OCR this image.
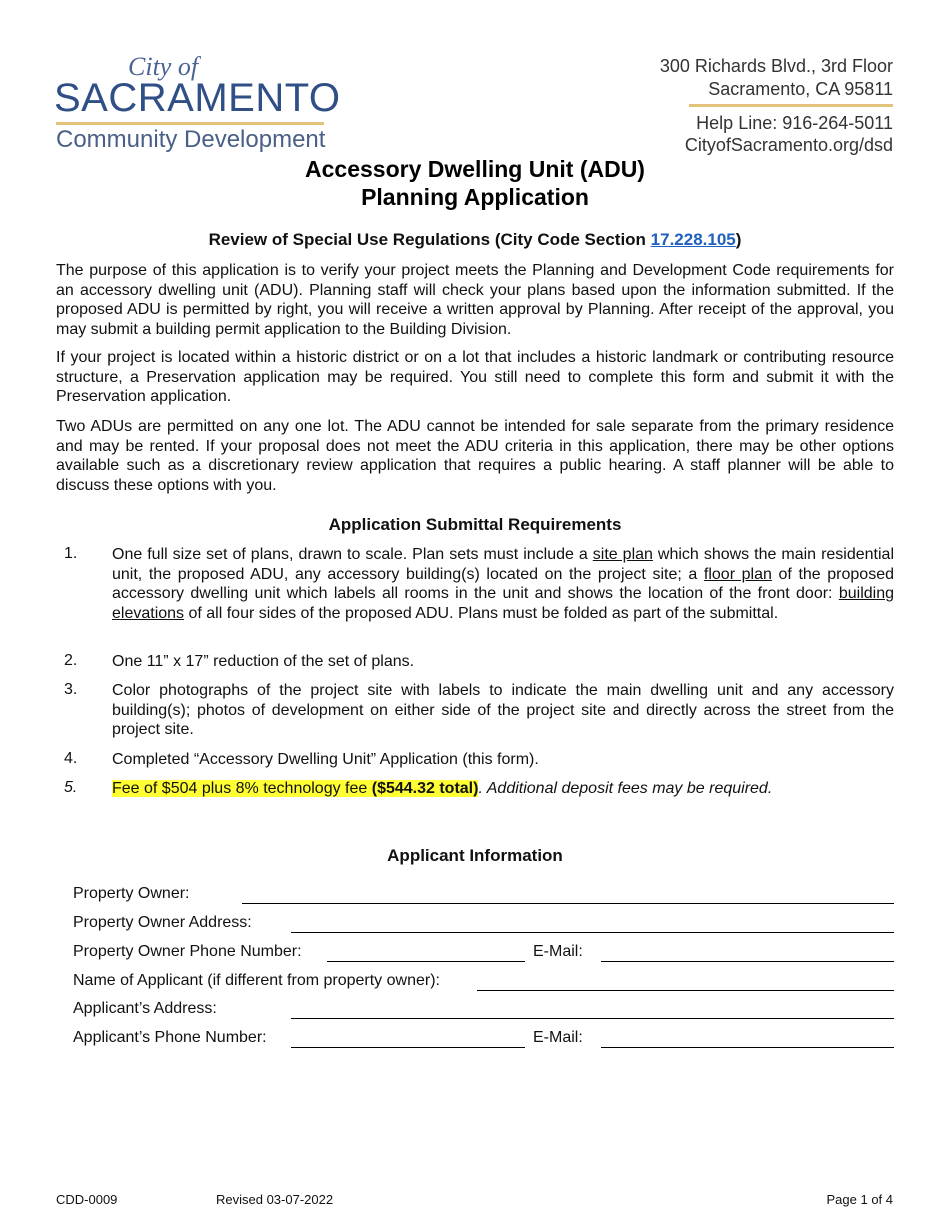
City of
SACRAMENTO
Community Development
300 Richards Blvd., 3rd Floor
Sacramento, CA 95811
Help Line: 916-264-5011
CityofSacramento.org/dsd
Accessory Dwelling Unit (ADU)
Planning Application
Review of Special Use Regulations (City Code Section 17.228.105)
The purpose of this application is to verify your project meets the Planning and Development Code requirements for an accessory dwelling unit (ADU). Planning staff will check your plans based upon the information submitted. If the proposed ADU is permitted by right, you will receive a written approval by Planning. After receipt of the approval, you may submit a building permit application to the Building Division.
If your project is located within a historic district or on a lot that includes a historic landmark or contributing resource structure, a Preservation application may be required. You still need to complete this form and submit it with the Preservation application.
Two ADUs are permitted on any one lot. The ADU cannot be intended for sale separate from the primary residence and may be rented. If your proposal does not meet the ADU criteria in this application, there may be other options available such as a discretionary review application that requires a public hearing. A staff planner will be able to discuss these options with you.
Application Submittal Requirements
1. One full size set of plans, drawn to scale. Plan sets must include a site plan which shows the main residential unit, the proposed ADU, any accessory building(s) located on the project site; a floor plan of the proposed accessory dwelling unit which labels all rooms in the unit and shows the location of the front door: building elevations of all four sides of the proposed ADU. Plans must be folded as part of the submittal.
2. One 11” x 17” reduction of the set of plans.
3. Color photographs of the project site with labels to indicate the main dwelling unit and any accessory building(s); photos of development on either side of the project site and directly across the street from the project site.
4. Completed “Accessory Dwelling Unit” Application (this form).
5. Fee of $504 plus 8% technology fee ($544.32 total). Additional deposit fees may be required.
Applicant Information
Property Owner:
Property Owner Address:
Property Owner Phone Number:	E-Mail:
Name of Applicant (if different from property owner):
Applicant’s Address:
Applicant’s Phone Number:	E-Mail:
CDD-0009	Revised 03-07-2022	Page 1 of 4
